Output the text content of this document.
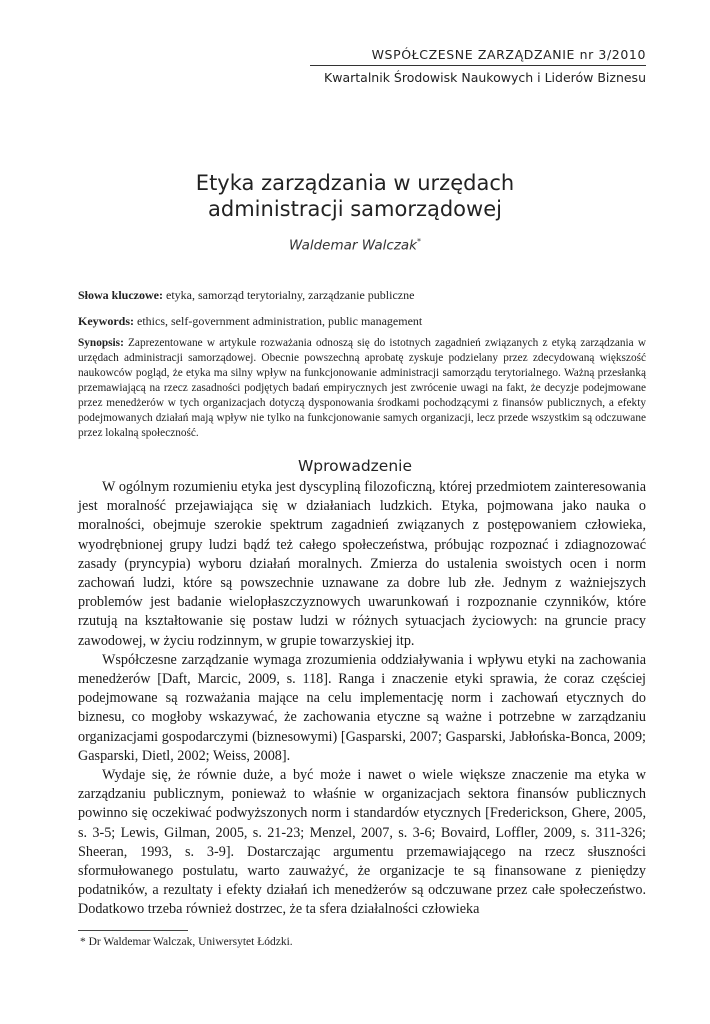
WSPÓŁCZESNE ZARZĄDZANIE nr 3/2010
Kwartalnik Środowisk Naukowych i Liderów Biznesu
Etyka zarządzania w urzędach
administracji samorządowej
Waldemar Walczak*
Słowa kluczowe: etyka, samorząd terytorialny, zarządzanie publiczne
Keywords: ethics, self-government administration, public management
Synopsis: Zaprezentowane w artykule rozważania odnoszą się do istotnych zagadnień związanych z etyką zarządzania w urzędach administracji samorządowej. Obecnie powszechną aprobatę zyskuje podzielany przez zdecydowaną większość naukowców pogląd, że etyka ma silny wpływ na funkcjonowanie administracji samorządu terytorialnego. Ważną przesłanką przemawiającą na rzecz zasadności podjętych badań empirycznych jest zwrócenie uwagi na fakt, że decyzje podejmowane przez menedżerów w tych organizacjach dotyczą dysponowania środkami pochodzącymi z finansów publicznych, a efekty podejmowanych działań mają wpływ nie tylko na funkcjonowanie samych organizacji, lecz przede wszystkim są odczuwane przez lokalną społeczność.
Wprowadzenie

W ogólnym rozumieniu etyka jest dyscypliną filozoficzną, której przedmiotem zainteresowania jest moralność przejawiająca się w działaniach ludzkich. Etyka, pojmowana jako nauka o moralności, obejmuje szerokie spektrum zagadnień związanych z postępowaniem człowieka, wyodrębnionej grupy ludzi bądź też całego społeczeństwa, próbując rozpoznać i zdiagnozować zasady (pryncypia) wyboru działań moralnych. Zmierza do ustalenia swoistych ocen i norm zachowań ludzi, które są powszechnie uznawane za dobre lub złe. Jednym z ważniejszych problemów jest badanie wielopłaszczyznowych uwarunkowań i rozpoznanie czynników, które rzutują na kształtowanie się postaw ludzi w różnych sytuacjach życiowych: na gruncie pracy zawodowej, w życiu rodzinnym, w grupie towarzyskiej itp.

Współczesne zarządzanie wymaga zrozumienia oddziaływania i wpływu etyki na zachowania menedżerów [Daft, Marcic, 2009, s. 118]. Ranga i znaczenie etyki sprawia, że coraz częściej podejmowane są rozważania mające na celu implementację norm i zachowań etycznych do biznesu, co mogłoby wskazywać, że zachowania etyczne są ważne i potrzebne w zarządzaniu organizacjami gospodarczymi (biznesowymi) [Gasparski, 2007; Gasparski, Jabłońska-Bonca, 2009; Gasparski, Dietl, 2002; Weiss, 2008].

Wydaje się, że równie duże, a być może i nawet o wiele większe znaczenie ma etyka w zarządzaniu publicznym, ponieważ to właśnie w organizacjach sektora finansów publicznych powinno się oczekiwać podwyższonych norm i standardów etycznych [Frederickson, Ghere, 2005, s. 3-5; Lewis, Gilman, 2005, s. 21-23; Menzel, 2007, s. 3-6; Bovaird, Loffler, 2009, s. 311-326; Sheeran, 1993, s. 3-9]. Dostarczając argumentu przemawiającego na rzecz słuszności sformułowanego postulatu, warto zauważyć, że organizacje te są finansowane z pieniędzy podatników, a rezultaty i efekty działań ich menedżerów są odczuwane przez całe społeczeństwo. Dodatkowo trzeba również dostrzec, że ta sfera działalności człowieka

* Dr Waldemar Walczak, Uniwersytet Łódzki.
